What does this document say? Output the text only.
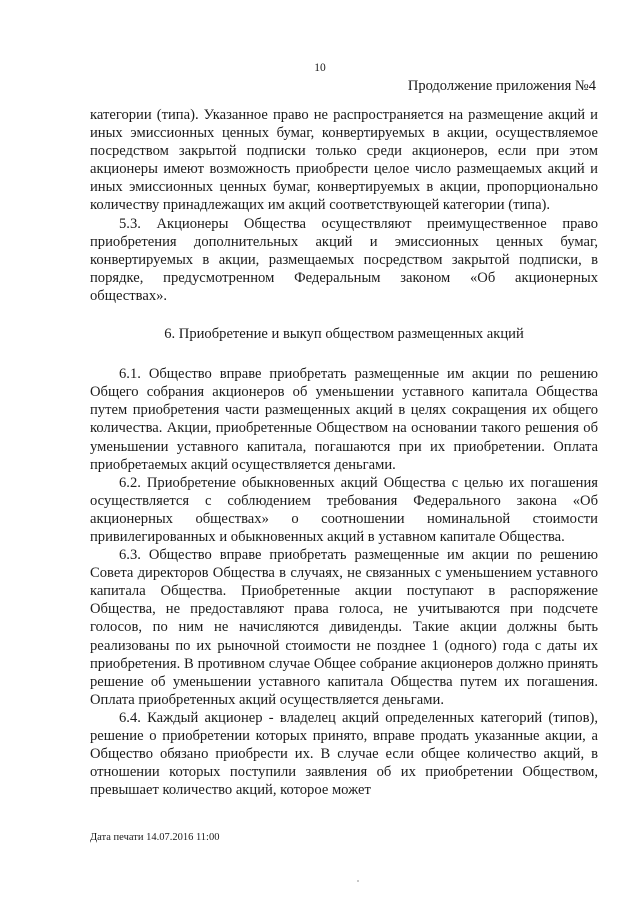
10
Продолжение приложения №4

категории (типа). Указанное право не распространяется на размещение акций и иных эмиссионных ценных бумаг, конвертируемых в акции, осуществляемое посредством закрытой подписки только среди акционеров, если при этом акционеры имеют возможность приобрести целое число размещаемых акций и иных эмиссионных ценных бумаг, конвертируемых в акции, пропорционально количеству принадлежащих им акций соответствующей категории (типа).

5.3. Акционеры Общества осуществляют преимущественное право приобретения дополнительных акций и эмиссионных ценных бумаг, конвертируемых в акции, размещаемых посредством закрытой подписки, в порядке, предусмотренном Федеральным законом «Об акционерных обществах».

6. Приобретение и выкуп обществом размещенных акций

6.1. Общество вправе приобретать размещенные им акции по решению Общего собрания акционеров об уменьшении уставного капитала Общества путем приобретения части размещенных акций в целях сокращения их общего количества. Акции, приобретенные Обществом на основании такого решения об уменьшении уставного капитала, погашаются при их приобретении. Оплата приобретаемых акций осуществляется деньгами.

6.2. Приобретение обыкновенных акций Общества с целью их погашения осуществляется с соблюдением требования Федерального закона «Об акционерных обществах» о соотношении номинальной стоимости привилегированных и обыкновенных акций в уставном капитале Общества.

6.3. Общество вправе приобретать размещенные им акции по решению Совета директоров Общества в случаях, не связанных с уменьшением уставного капитала Общества. Приобретенные акции поступают в распоряжение Общества, не предоставляют права голоса, не учитываются при подсчете голосов, по ним не начисляются дивиденды. Такие акции должны быть реализованы по их рыночной стоимости не позднее 1 (одного) года с даты их приобретения. В противном случае Общее собрание акционеров должно принять решение об уменьшении уставного капитала Общества путем их погашения. Оплата приобретенных акций осуществляется деньгами.

6.4. Каждый акционер - владелец акций определенных категорий (типов), решение о приобретении которых принято, вправе продать указанные акции, а Общество обязано приобрести их. В случае если общее количество акций, в отношении которых поступили заявления об их приобретении Обществом, превышает количество акций, которое может

Дата печати 14.07.2016 11:00
